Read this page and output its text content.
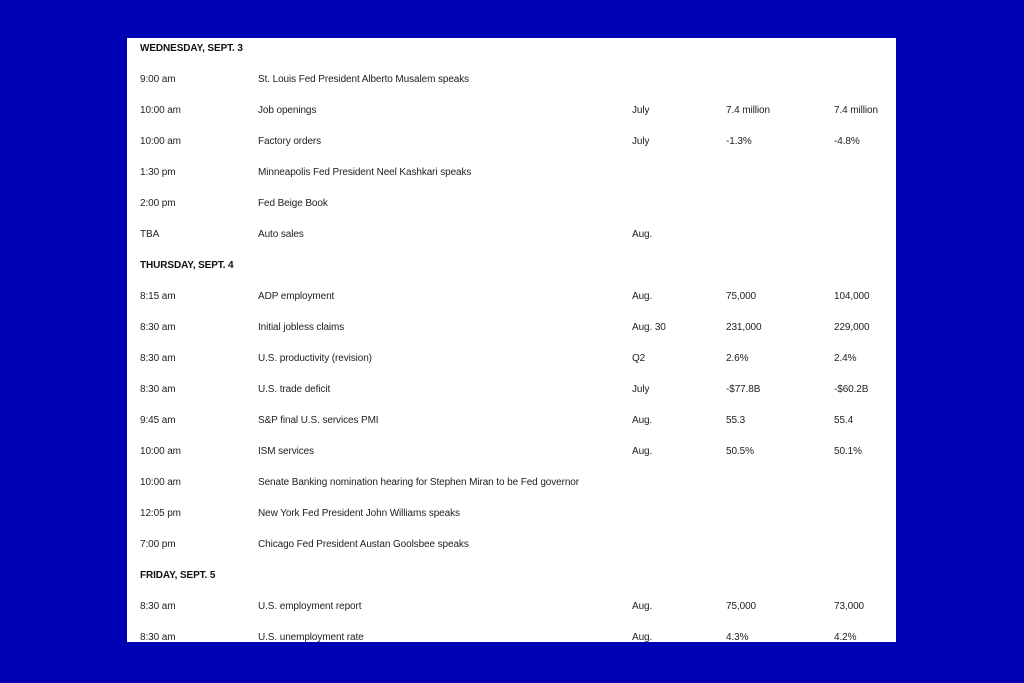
WEDNESDAY, SEPT. 3
9:00 am	St. Louis Fed President Alberto Musalem speaks
10:00 am	Job openings	July	7.4 million	7.4 million
10:00 am	Factory orders	July	-1.3%	-4.8%
1:30 pm	Minneapolis Fed President Neel Kashkari speaks
2:00 pm	Fed Beige Book
TBA	Auto sales	Aug.
THURSDAY, SEPT. 4
8:15 am	ADP employment	Aug.	75,000	104,000
8:30 am	Initial jobless claims	Aug. 30	231,000	229,000
8:30 am	U.S. productivity (revision)	Q2	2.6%	2.4%
8:30 am	U.S. trade deficit	July	-$77.8B	-$60.2B
9:45 am	S&P final U.S. services PMI	Aug.	55.3	55.4
10:00 am	ISM services	Aug.	50.5%	50.1%
10:00 am	Senate Banking nomination hearing for Stephen Miran to be Fed governor
12:05 pm	New York Fed President John Williams speaks
7:00 pm	Chicago Fed President Austan Goolsbee speaks
FRIDAY, SEPT. 5
8:30 am	U.S. employment report	Aug.	75,000	73,000
8:30 am	U.S. unemployment rate	Aug.	4.3%	4.2%
